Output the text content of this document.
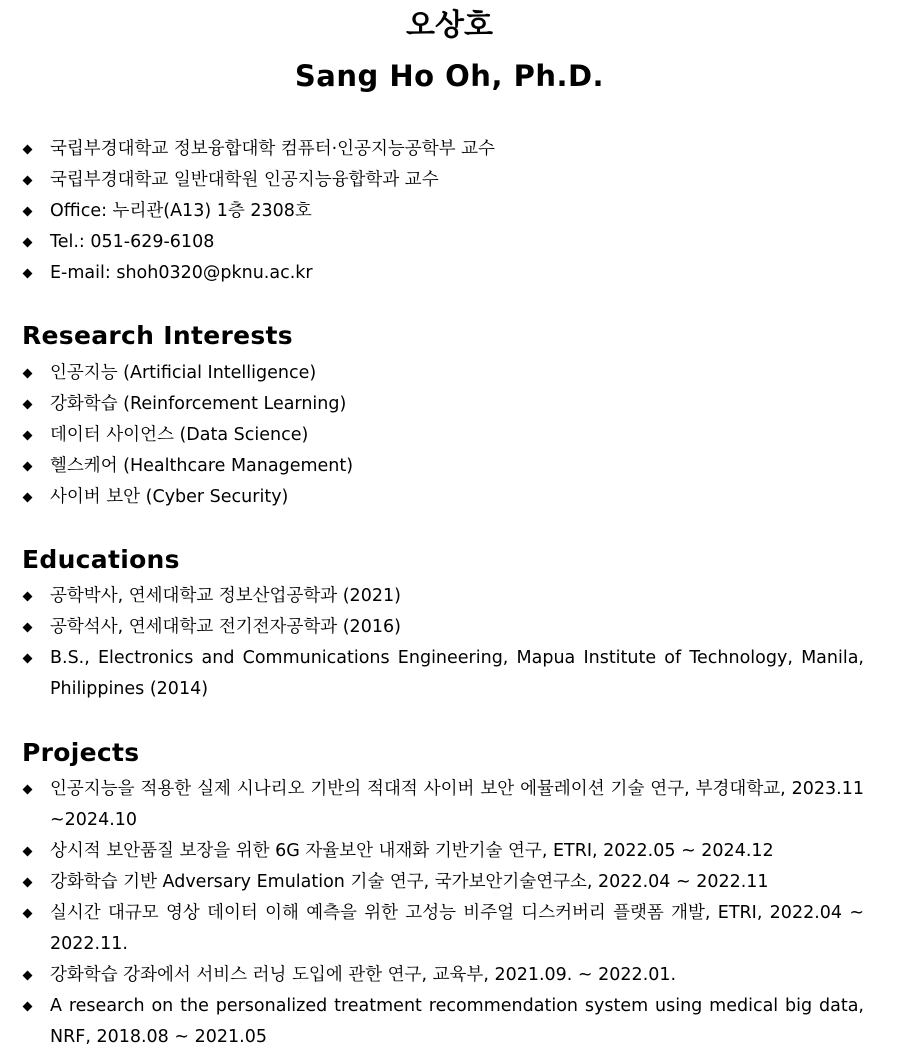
오상호
Sang Ho Oh, Ph.D.
국립부경대학교 정보융합대학 컴퓨터·인공지능공학부 교수
국립부경대학교 일반대학원 인공지능융합학과 교수
Office: 누리관(A13) 1층 2308호
Tel.: 051-629-6108
E-mail: shoh0320@pknu.ac.kr
Research Interests
인공지능 (Artificial Intelligence)
강화학습 (Reinforcement Learning)
데이터 사이언스 (Data Science)
헬스케어 (Healthcare Management)
사이버 보안 (Cyber Security)
Educations
공학박사, 연세대학교 정보산업공학과 (2021)
공학석사, 연세대학교 전기전자공학과 (2016)
B.S., Electronics and Communications Engineering, Mapua Institute of Technology, Manila, Philippines (2014)
Projects
인공지능을 적용한 실제 시나리오 기반의 적대적 사이버 보안 에뮬레이션 기술 연구, 부경대학교, 2023.11 ~2024.10
상시적 보안품질 보장을 위한 6G 자율보안 내재화 기반기술 연구, ETRI, 2022.05 ~ 2024.12
강화학습 기반 Adversary Emulation 기술 연구, 국가보안기술연구소, 2022.04 ~ 2022.11
실시간 대규모 영상 데이터 이해 예측을 위한 고성능 비주얼 디스커버리 플랫폼 개발, ETRI, 2022.04 ~ 2022.11.
강화학습 강좌에서 서비스 러닝 도입에 관한 연구, 교육부, 2021.09. ~ 2022.01.
A research on the personalized treatment recommendation system using medical big data, NRF, 2018.08 ~ 2021.05
